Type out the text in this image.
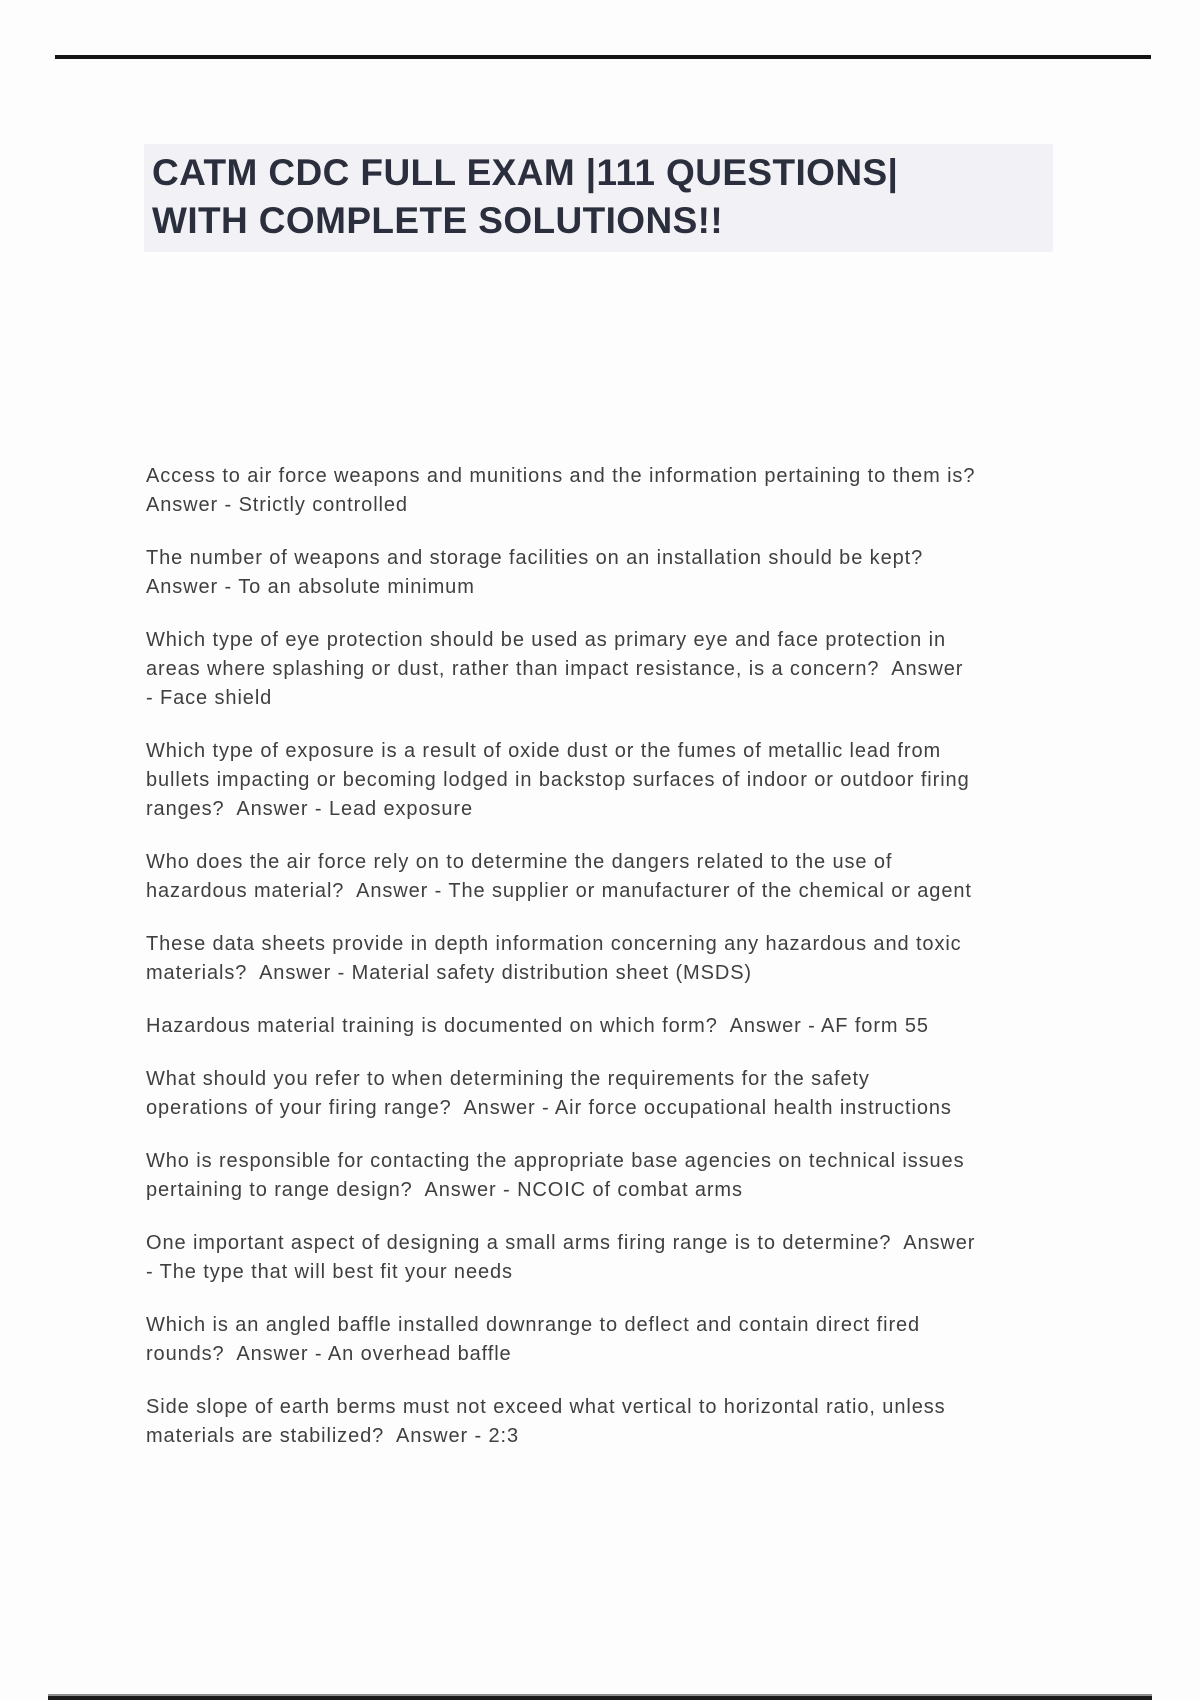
CATM CDC FULL EXAM |111 QUESTIONS|
WITH COMPLETE SOLUTIONS!!

Access to air force weapons and munitions and the information pertaining to them is?  Answer - Strictly controlled

The number of weapons and storage facilities on an installation should be kept?  Answer - To an absolute minimum

Which type of eye protection should be used as primary eye and face protection in areas where splashing or dust, rather than impact resistance, is a concern?  Answer - Face shield

Which type of exposure is a result of oxide dust or the fumes of metallic lead from bullets impacting or becoming lodged in backstop surfaces of indoor or outdoor firing ranges?  Answer - Lead exposure

Who does the air force rely on to determine the dangers related to the use of hazardous material?  Answer - The supplier or manufacturer of the chemical or agent

These data sheets provide in depth information concerning any hazardous and toxic materials?  Answer - Material safety distribution sheet (MSDS)

Hazardous material training is documented on which form?  Answer - AF form 55

What should you refer to when determining the requirements for the safety operations of your firing range?  Answer - Air force occupational health instructions

Who is responsible for contacting the appropriate base agencies on technical issues pertaining to range design?  Answer - NCOIC of combat arms

One important aspect of designing a small arms firing range is to determine?  Answer - The type that will best fit your needs

Which is an angled baffle installed downrange to deflect and contain direct fired rounds?  Answer - An overhead baffle

Side slope of earth berms must not exceed what vertical to horizontal ratio, unless materials are stabilized?  Answer - 2:3
